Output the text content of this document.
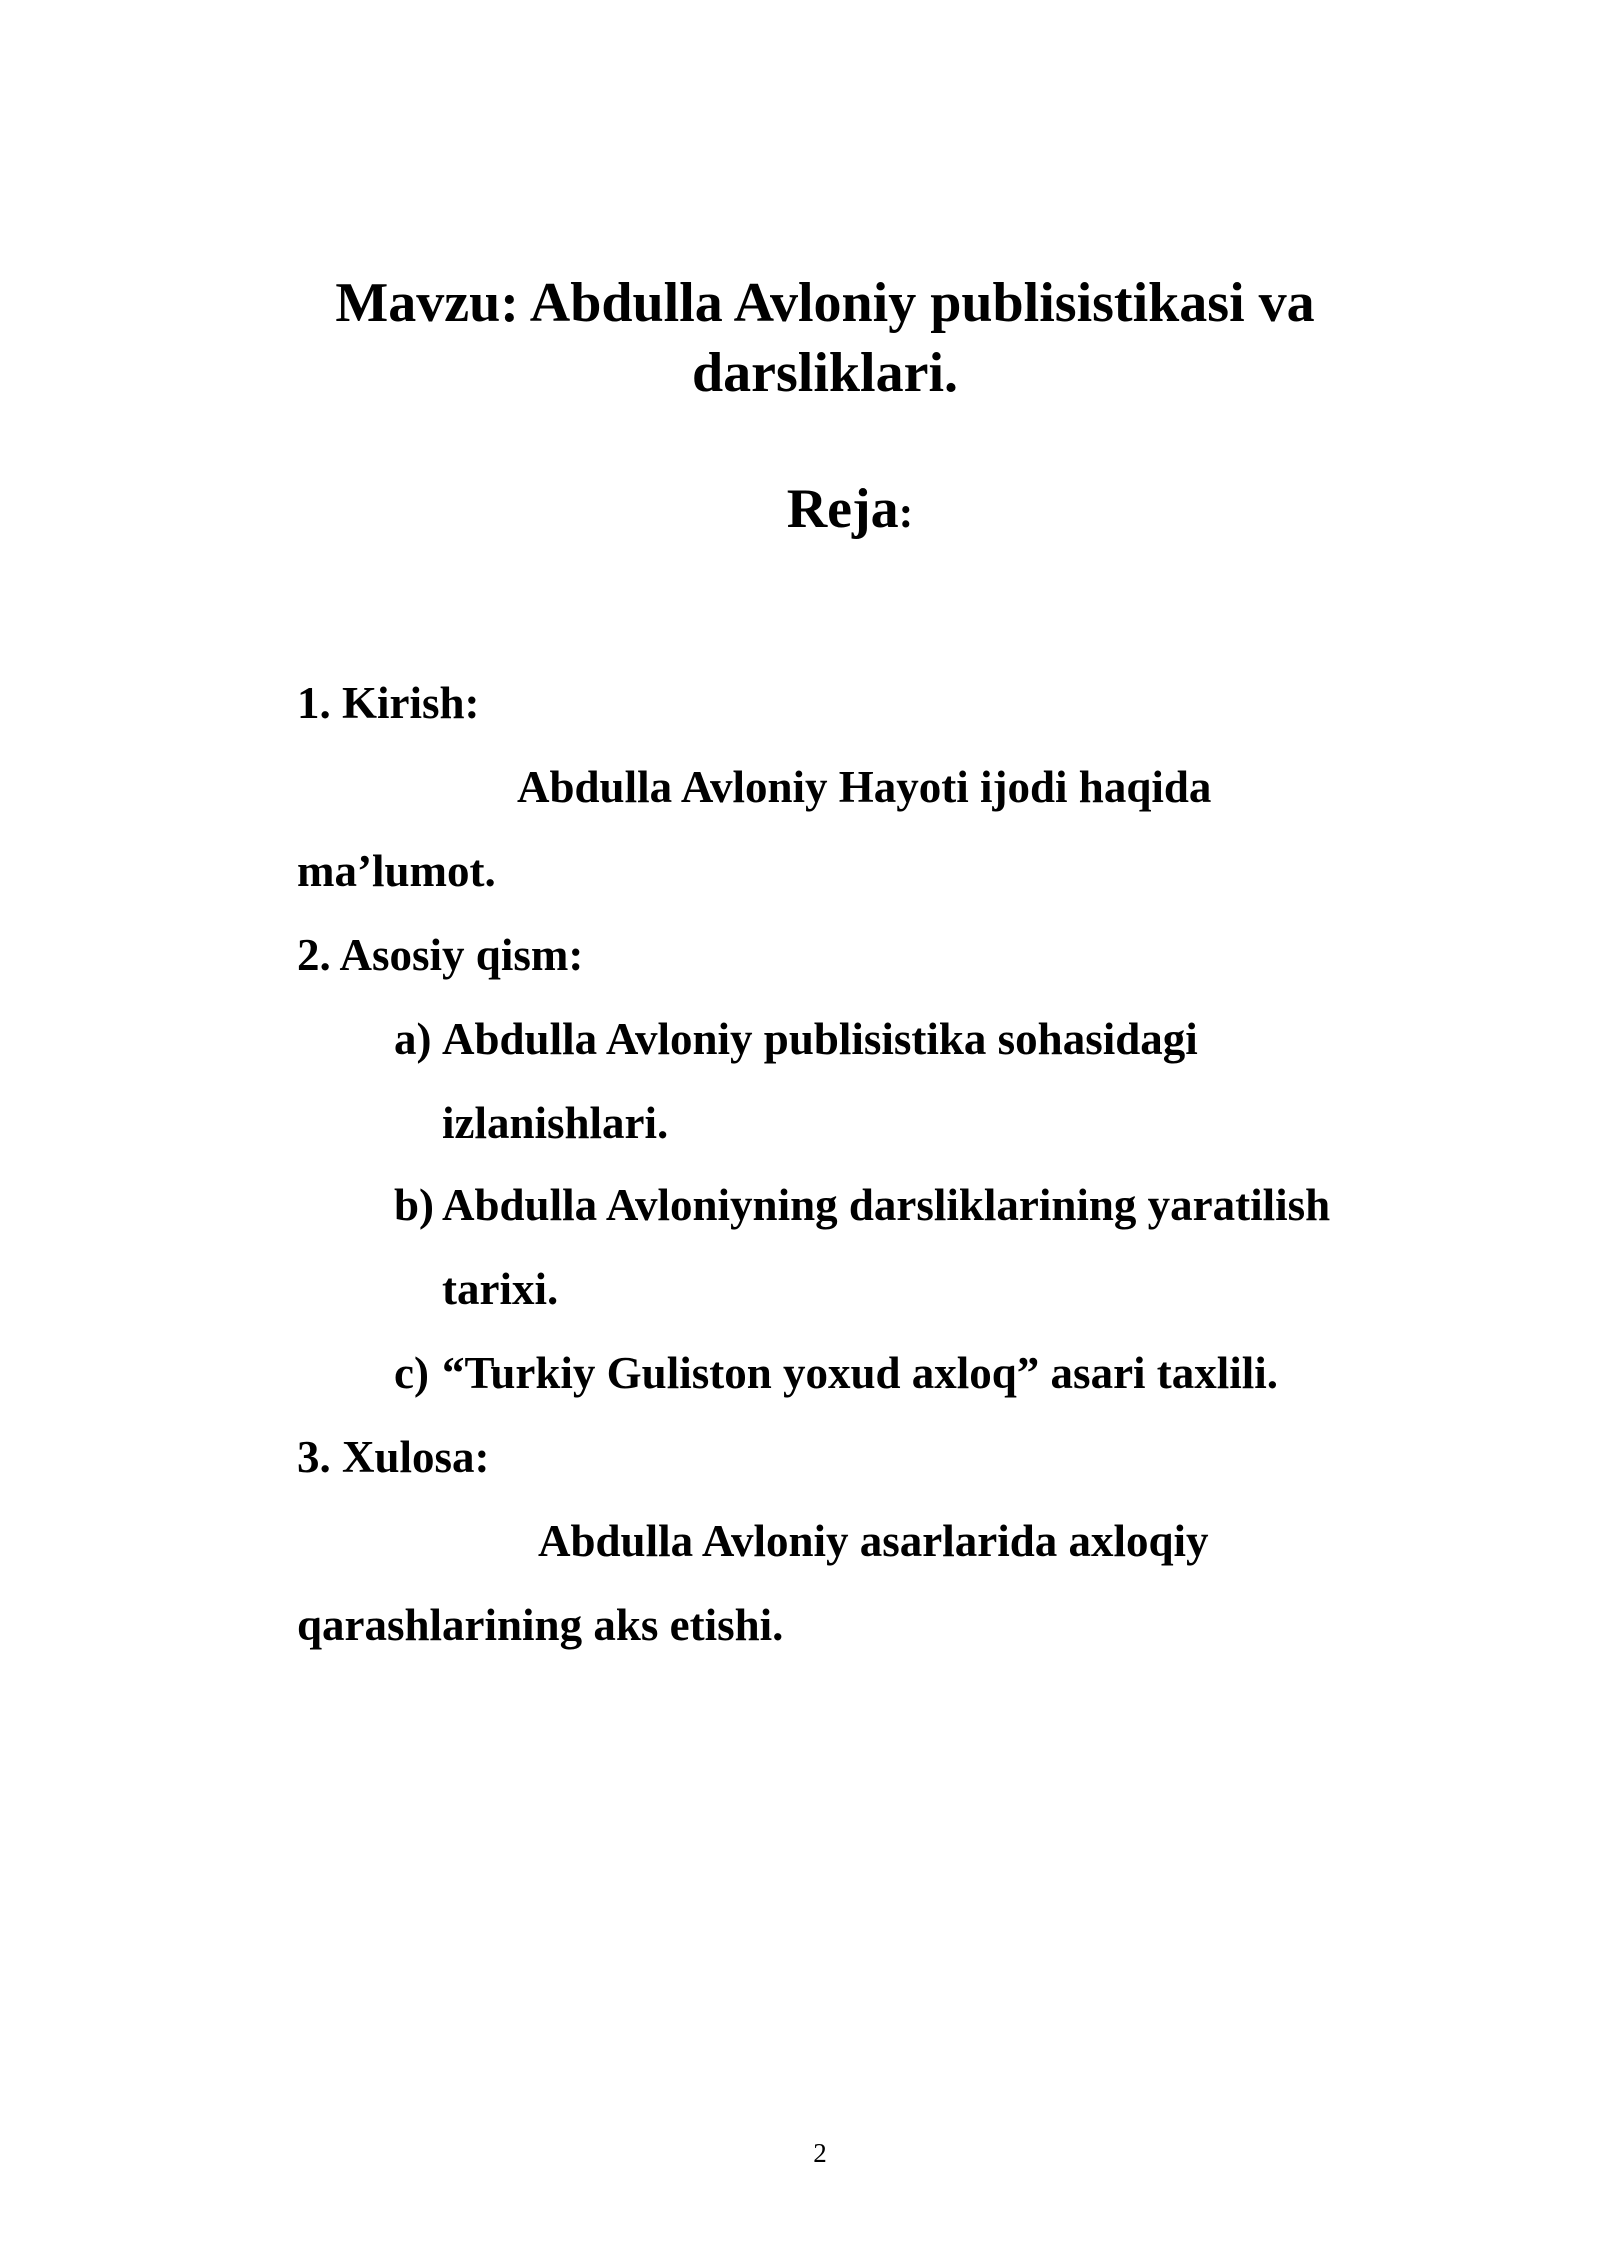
Mavzu: Abdulla Avloniy publisistikasi va
darsliklari.
Reja:
1. Kirish:
Abdulla Avloniy Hayoti ijodi haqida
ma’lumot.
2. Asosiy qism:
a) Abdulla Avloniy publisistika sohasidagi
izlanishlari.
b) Abdulla Avloniyning darsliklarining yaratilish
tarixi.
c) “Turkiy Guliston yoxud axloq” asari taxlili.
3. Xulosa:
Abdulla Avloniy asarlarida axloqiy
qarashlarining aks etishi.
2
